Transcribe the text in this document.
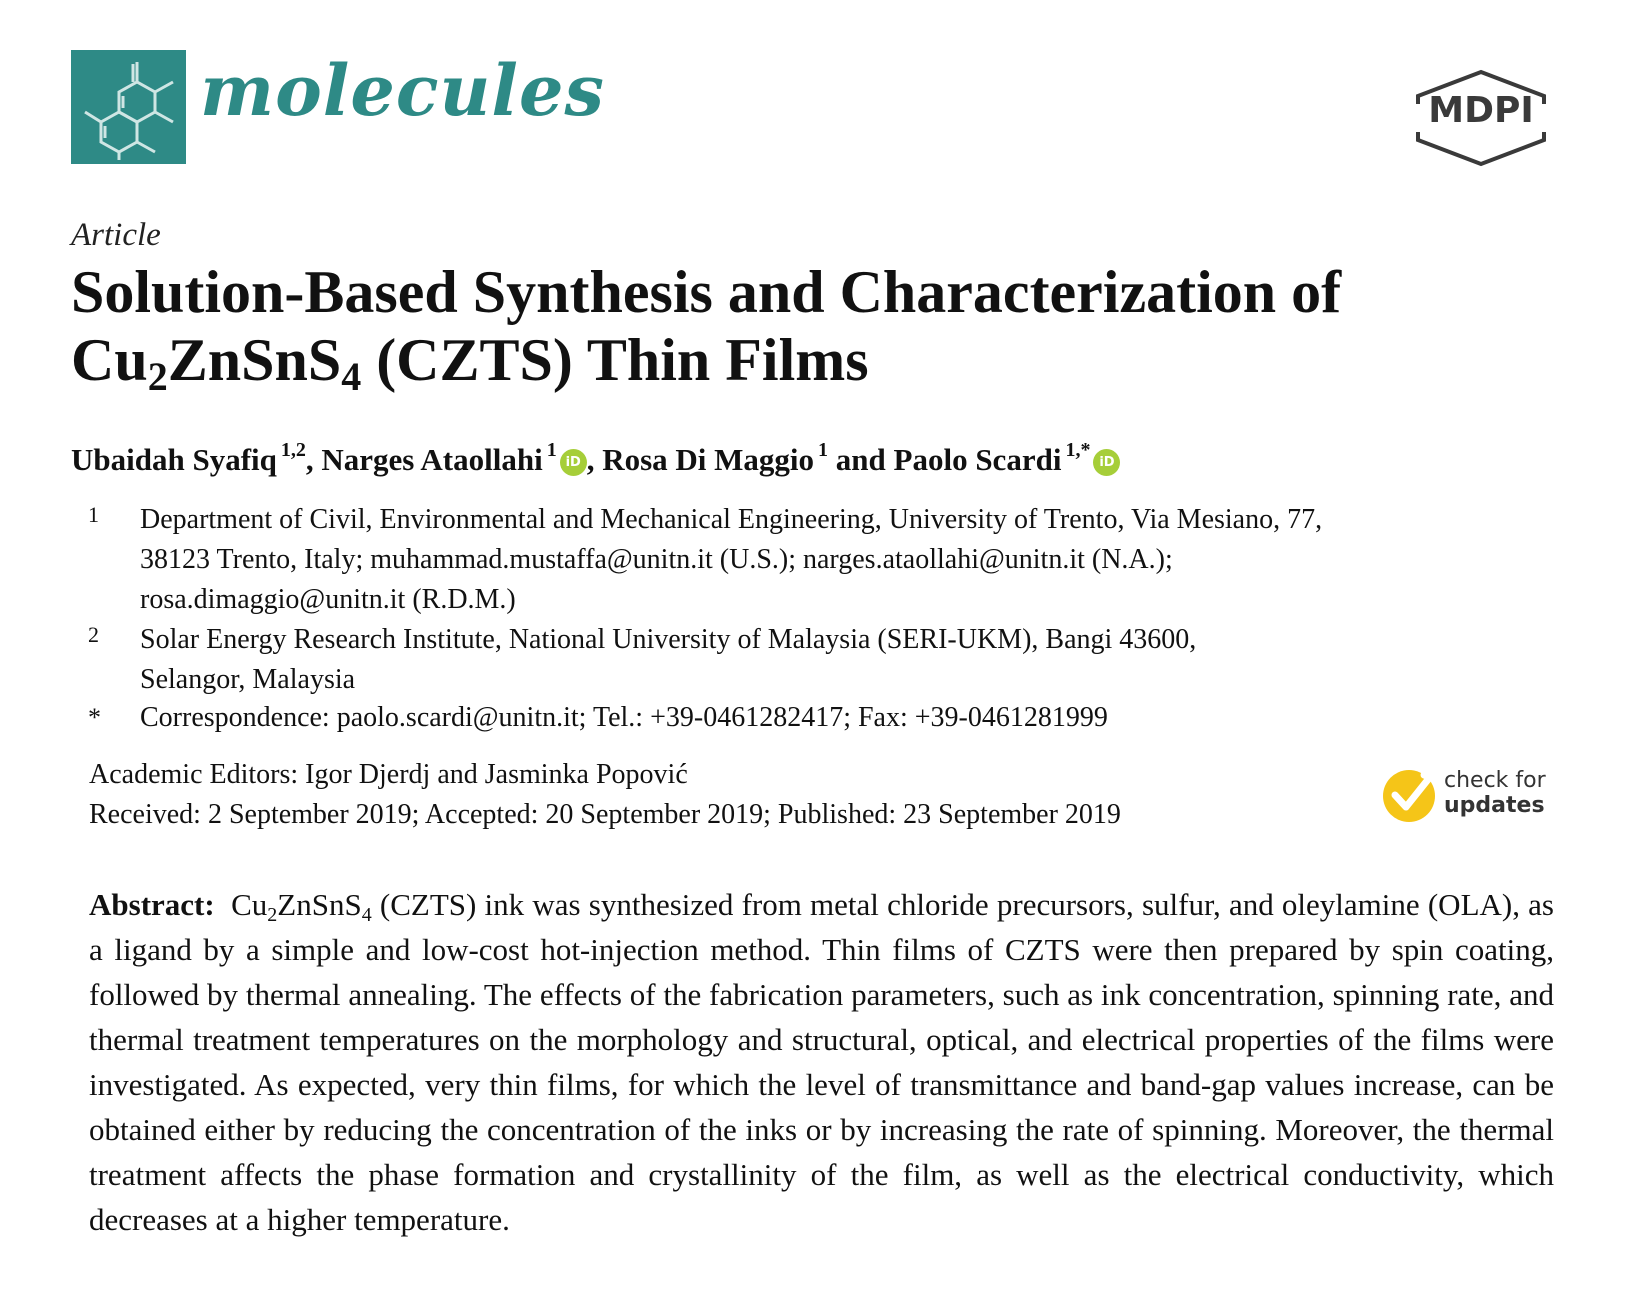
molecules	MDPI
Article
Solution-Based Synthesis and Characterization of
$Cu_2ZnSnS_4$ (CZTS) Thin Films
Ubaidah Syafiq $^{1,2}$, Narges Ataollahi $^1$iD , Rosa Di Maggio $^1$ and Paolo Scardi $^{1,*}$iD
1 Department of Civil, Environmental and Mechanical Engineering, University of Trento, Via Mesiano, 77,
38123 Trento, Italy; muhammad.mustaffa@unitn.it (U.S.); narges.ataollahi@unitn.it (N.A.);
rosa.dimaggio@unitn.it (R.D.M.)
2 Solar Energy Research Institute, National University of Malaysia (SERI-UKM), Bangi 43600,
Selangor, Malaysia
* Correspondence: paolo.scardi@unitn.it; Tel.: +39-0461282417; Fax: +39-0461281999
Academic Editors: Igor Djerdj and Jasminka Popović
Received: 2 September 2019; Accepted: 20 September 2019; Published: 23 September 2019
check for
updates
Abstract: $Cu_2ZnSnS_4$ (CZTS) ink was synthesized from metal chloride precursors, sulfur, and oleylamine (OLA), as a ligand by a simple and low-cost hot-injection method. Thin films of CZTS were then prepared by spin coating, followed by thermal annealing. The effects of the fabrication parameters, such as ink concentration, spinning rate, and thermal treatment temperatures on the morphology and structural, optical, and electrical properties of the films were investigated. As expected, very thin films, for which the level of transmittance and band-gap values increase, can be obtained either by reducing the concentration of the inks or by increasing the rate of spinning. Moreover, the thermal treatment affects the phase formation and crystallinity of the film, as well as the electrical conductivity, which decreases at a higher temperature.
